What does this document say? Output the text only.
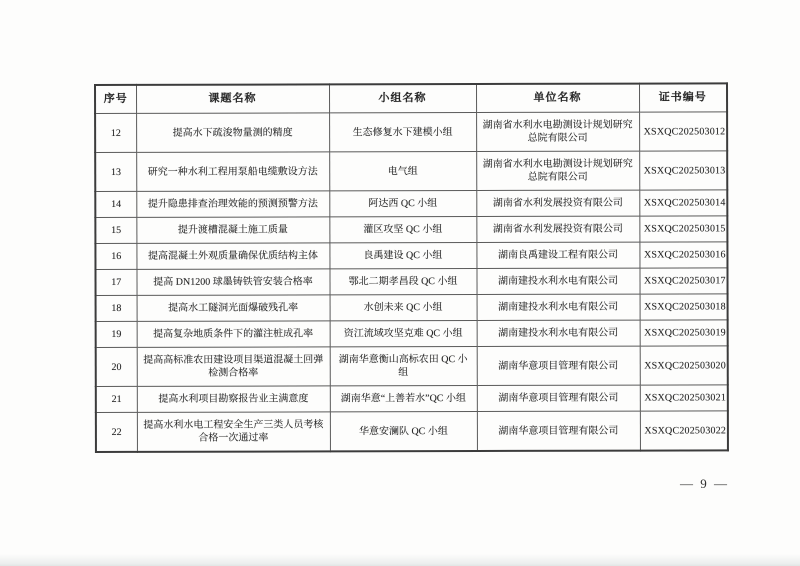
序号	课题名称	小组名称	单位名称	证书编号
12	提高水下疏浚物量测的精度	生态修复水下建模小组	湖南省水利水电勘测设计规划研究总院有限公司	XSXQC202503012
13	研究一种水利工程用泵船电缆敷设方法	电气组	湖南省水利水电勘测设计规划研究总院有限公司	XSXQC202503013
14	提升隐患排查治理效能的预测预警方法	阿达西 QC 小组	湖南省水利发展投资有限公司	XSXQC202503014
15	提升渡槽混凝土施工质量	灌区攻坚 QC 小组	湖南省水利发展投资有限公司	XSXQC202503015
16	提高混凝土外观质量确保优质结构主体	良禹建设 QC 小组	湖南良禹建设工程有限公司	XSXQC202503016
17	提高 DN1200 球墨铸铁管安装合格率	鄂北二期孝昌段 QC 小组	湖南建投水利水电有限公司	XSXQC202503017
18	提高水工隧洞光面爆破残孔率	水创未来 QC 小组	湖南建投水利水电有限公司	XSXQC202503018
19	提高复杂地质条件下的灌注桩成孔率	资江流域攻坚克难 QC 小组	湖南建投水利水电有限公司	XSXQC202503019
20	提高高标准农田建设项目渠道混凝土回弹检测合格率	湖南华意衡山高标农田 QC 小组	湖南华意项目管理有限公司	XSXQC202503020
21	提高水利项目勘察报告业主满意度	湖南华意“上善若水”QC 小组	湖南华意项目管理有限公司	XSXQC202503021
22	提高水利水电工程安全生产三类人员考核合格一次通过率	华意安澜队 QC 小组	湖南华意项目管理有限公司	XSXQC202503022
— 9 —
